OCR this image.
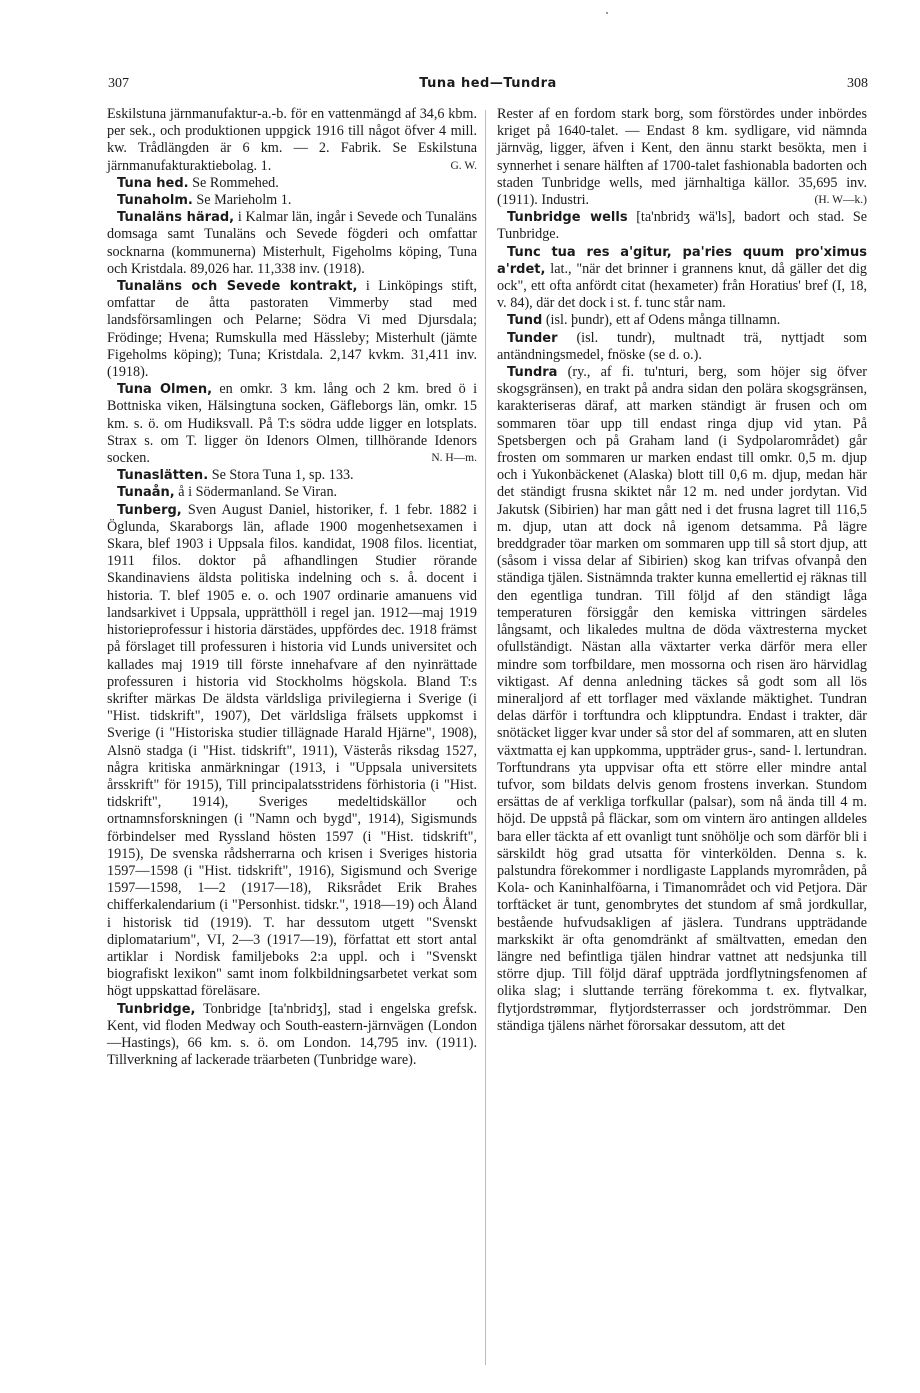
307	Tuna hed—Tundra	308

Eskilstuna järnmanufaktur-a.-b. för en vattenmängd af 34,6 kbm. per sek., och produktionen uppgick 1916 till något öfver 4 mill. kw. Trådlängden är 6 km. — 2. Fabrik. Se Eskilstuna järnmanufakturaktiebolag. 1.	G. W.

Tuna hed. Se Rommehed.

Tunaholm. Se Marieholm 1.

Tunaläns härad, i Kalmar län, ingår i Sevede och Tunaläns domsaga samt Tunaläns och Sevede fögderi och omfattar socknarna (kommunerna) Misterhult, Figeholms köping, Tuna och Kristdala. 89,026 har. 11,338 inv. (1918).

Tunaläns och Sevede kontrakt, i Linköpings stift, omfattar de åtta pastoraten Vimmerby stad med landsförsamlingen och Pelarne; Södra Vi med Djursdala; Frödinge; Hvena; Rumskulla med Hässleby; Misterhult (jämte Figeholms köping); Tuna; Kristdala. 2,147 kvkm. 31,411 inv. (1918).

Tuna Olmen, en omkr. 3 km. lång och 2 km. bred ö i Bottniska viken, Hälsingtuna socken, Gäfleborgs län, omkr. 15 km. s. ö. om Hudiksvall. På T:s södra udde ligger en lotsplats. Strax s. om T. ligger ön Idenors Olmen, tillhörande Idenors socken.	N. H—m.

Tunaslätten. Se Stora Tuna 1, sp. 133.

Tunaån, å i Södermanland. Se Viran.

Tunberg, Sven August Daniel, historiker, f. 1 febr. 1882 i Öglunda, Skaraborgs län, aflade 1900 mogenhetsexamen i Skara, blef 1903 i Uppsala filos. kandidat, 1908 filos. licentiat, 1911 filos. doktor på afhandlingen Studier rörande Skandinaviens äldsta politiska indelning och s. å. docent i historia. T. blef 1905 e. o. och 1907 ordinarie amanuens vid landsarkivet i Uppsala, upprätthöll i regel jan. 1912—maj 1919 historieprofessur i historia därstädes, uppfördes dec. 1918 främst på förslaget till professuren i historia vid Lunds universitet och kallades maj 1919 till förste innehafvare af den nyinrättade professuren i historia vid Stockholms högskola. Bland T:s skrifter märkas De äldsta världsliga privilegierna i Sverige (i "Hist. tidskrift", 1907), Det världsliga frälsets uppkomst i Sverige (i "Historiska studier tillägnade Harald Hjärne", 1908), Alsnö stadga (i "Hist. tidskrift", 1911), Västerås riksdag 1527, några kritiska anmärkningar (1913, i "Uppsala universitets årsskrift" för 1915), Till principalatsstridens förhistoria (i "Hist. tidskrift", 1914), Sveriges medeltidskällor och ortnamnsforskningen (i "Namn och bygd", 1914), Sigismunds förbindelser med Ryssland hösten 1597 (i "Hist. tidskrift", 1915), De svenska rådsherrarna och krisen i Sveriges historia 1597—1598 (i "Hist. tidskrift", 1916), Sigismund och Sverige 1597—1598, 1—2 (1917—18), Riksrådet Erik Brahes chifferkalendarium (i "Personhist. tidskr.", 1918—19) och Åland i historisk tid (1919). T. har dessutom utgett "Svenskt diplomatarium", VI, 2—3 (1917—19), författat ett stort antal artiklar i Nordisk familjeboks 2:a uppl. och i "Svenskt biografiskt lexikon" samt inom folkbildningsarbetet verkat som högt uppskattad föreläsare.

Tunbridge, Tonbridge [ta'nbridʒ], stad i engelska grefsk. Kent, vid floden Medway och South-eastern-järnvägen (London—Hastings), 66 km. s. ö. om London. 14,795 inv. (1911). Tillverkning af lackerade träarbeten (Tunbridge ware).

Rester af en fordom stark borg, som förstördes under inbördes kriget på 1640-talet. — Endast 8 km. sydligare, vid nämnda järnväg, ligger, äfven i Kent, den ännu starkt besökta, men i synnerhet i senare hälften af 1700-talet fashionabla badorten och staden Tunbridge wells, med järnhaltiga källor. 35,695 inv. (1911). Industri.	(H. W—k.)

Tunbridge wells [ta'nbridʒ wä'ls], badort och stad. Se Tunbridge.

Tunc tua res a'gitur, pa'ries quum pro'ximus a'rdet, lat., "när det brinner i grannens knut, då gäller det dig ock", ett ofta anfördt citat (hexameter) från Horatius' bref (I, 18, v. 84), där det dock i st. f. tunc står nam.

Tund (isl. þundr), ett af Odens många tillnamn.

Tunder (isl. tundr), multnadt trä, nyttjadt som antändningsmedel, fnöske (se d. o.).

Tundra (ry., af fi. tu'nturi, berg, som höjer sig öfver skogsgränsen), en trakt på andra sidan den polära skogsgränsen, karakteriseras däraf, att marken ständigt är frusen och om sommaren töar upp till endast ringa djup vid ytan. På Spetsbergen och på Graham land (i Sydpolarområdet) går frosten om sommaren ur marken endast till omkr. 0,5 m. djup och i Yukonbäckenet (Alaska) blott till 0,6 m. djup, medan här det ständigt frusna skiktet når 12 m. ned under jordytan. Vid Jakutsk (Sibirien) har man gått ned i det frusna lagret till 116,5 m. djup, utan att dock nå igenom detsamma. På lägre breddgrader töar marken om sommaren upp till så stort djup, att (såsom i vissa delar af Sibirien) skog kan trifvas ofvanpå den ständiga tjälen. Sistnämnda trakter kunna emellertid ej räknas till den egentliga tundran. Till följd af den ständigt låga temperaturen försiggår den kemiska vittringen särdeles långsamt, och likaledes multna de döda växtresterna mycket ofullständigt. Nästan alla växtarter verka därför mera eller mindre som torfbildare, men mossorna och risen äro härvidlag viktigast. Af denna anledning täckes så godt som all lös mineraljord af ett torflager med växlande mäktighet. Tundran delas därför i torftundra och klipptundra. Endast i trakter, där snötäcket ligger kvar under så stor del af sommaren, att en sluten växtmatta ej kan uppkomma, uppträder grus-, sand- l. lertundran. Torftundrans yta uppvisar ofta ett större eller mindre antal tufvor, som bildats delvis genom frostens inverkan. Stundom ersättas de af verkliga torfkullar (palsar), som nå ända till 4 m. höjd. De uppstå på fläckar, som om vintern äro antingen alldeles bara eller täckta af ett ovanligt tunt snöhölje och som därför bli i särskildt hög grad utsatta för vinterkölden. Denna s. k. palstundra förekommer i nordligaste Lapplands myrområden, på Kola- och Kaninhalföarna, i Timanområdet och vid Petjora. Där torftäcket är tunt, genombrytes det stundom af små jordkullar, bestående hufvudsakligen af jäslera. Tundrans uppträdande markskikt är ofta genomdränkt af smältvatten, emedan den längre ned befintliga tjälen hindrar vattnet att nedsjunka till större djup. Till följd däraf uppträda jordflytningsfenomen af olika slag; i sluttande terräng förekomma t. ex. flytvalkar, flytjordstrømmar, flytjordsterrasser och jordströmmar. Den ständiga tjälens närhet förorsakar dessutom, att det
